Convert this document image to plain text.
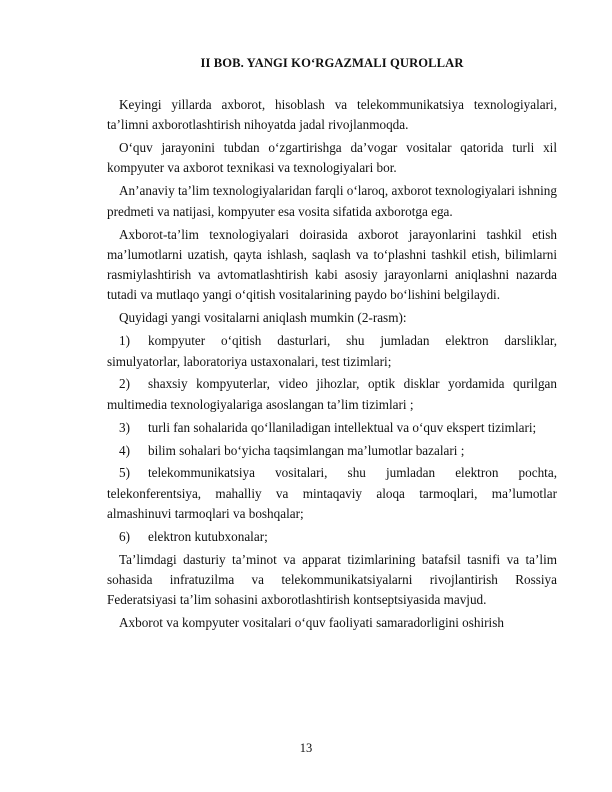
II BOB. YANGI KO‘RGAZMALI QUROLLAR

Keyingi yillarda axborot, hisoblash va telekommunikatsiya texnologiyalari, ta’limni axborotlashtirish nihoyatda jadal rivojlanmoqda.

O‘quv jarayonini tubdan o‘zgartirishga da’vogar vositalar qatorida turli xil kompyuter va axborot texnikasi va texnologiyalari bor.

An’anaviy ta’lim texnologiyalaridan farqli o‘laroq, axborot texnologiyalari ishning predmeti va natijasi, kompyuter esa vosita sifatida axborotga ega.

Axborot-ta’lim texnologiyalari doirasida axborot jarayonlarini tashkil etish ma’lumotlarni uzatish, qayta ishlash, saqlash va to‘plashni tashkil etish, bilimlarni rasmiylashtirish va avtomatlashtirish kabi asosiy jarayonlarni aniqlashni nazarda tutadi va mutlaqo yangi o‘qitish vositalarining paydo bo‘lishini belgilaydi.

Quyidagi yangi vositalarni aniqlash mumkin (2-rasm):

1) kompyuter o‘qitish dasturlari, shu jumladan elektron darsliklar, simulyatorlar, laboratoriya ustaxonalari, test tizimlari;

2) shaxsiy kompyuterlar, video jihozlar, optik disklar yordamida qurilgan multimedia texnologiyalariga asoslangan ta’lim tizimlari ;

3) turli fan sohalarida qo‘llaniladigan intellektual va o‘quv ekspert tizimlari;

4) bilim sohalari bo‘yicha taqsimlangan ma’lumotlar bazalari ;

5) telekommunikatsiya vositalari, shu jumladan elektron pochta, telekonferentsiya, mahalliy va mintaqaviy aloqa tarmoqlari, ma’lumotlar almashinuvi tarmoqlari va boshqalar;

6) elektron kutubxonalar;

Ta’limdagi dasturiy ta’minot va apparat tizimlarining batafsil tasnifi va ta’lim sohasida infratuzilma va telekommunikatsiyalarni rivojlantirish Rossiya Federatsiyasi ta’lim sohasini axborotlashtirish kontseptsiyasida mavjud.

Axborot va kompyuter vositalari o‘quv faoliyati samaradorligini oshirish

13
